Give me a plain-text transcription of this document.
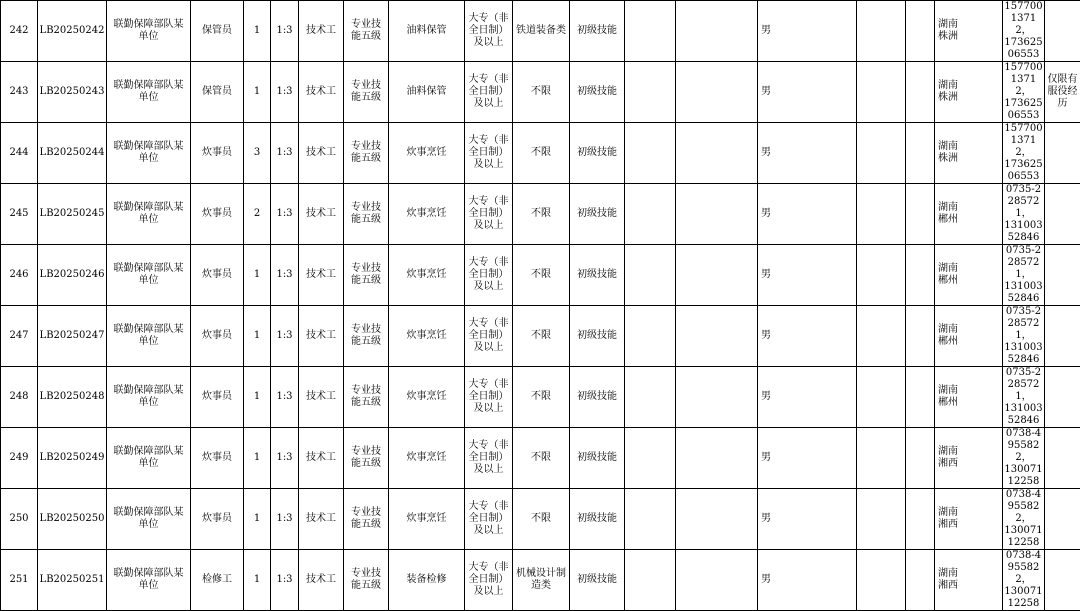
242	LB20250242	联勤保障部队某
单位	保管员	1	1:3	技术工	专业技
能五级	油料保管	大专（非
全日制）
及以上	铁道装备类	初级技能			男			湖南
株洲	15770013712，
17362506553	
243	LB20250243	联勤保障部队某
单位	保管员	1	1:3	技术工	专业技
能五级	油料保管	大专（非
全日制）
及以上	不限	初级技能			男			湖南
株洲	15770013712，
17362506553	仅限有服役经
历
244	LB20250244	联勤保障部队某
单位	炊事员	3	1:3	技术工	专业技
能五级	炊事烹饪	大专（非
全日制）
及以上	不限	初级技能			男			湖南
株洲	15770013712，
17362506553	
245	LB20250245	联勤保障部队某
单位	炊事员	2	1:3	技术工	专业技
能五级	炊事烹饪	大专（非
全日制）
及以上	不限	初级技能			男			湖南
郴州	0735-2285721，
13100352846	
246	LB20250246	联勤保障部队某
单位	炊事员	1	1:3	技术工	专业技
能五级	炊事烹饪	大专（非
全日制）
及以上	不限	初级技能			男			湖南
郴州	0735-2285721，
13100352846	
247	LB20250247	联勤保障部队某
单位	炊事员	1	1:3	技术工	专业技
能五级	炊事烹饪	大专（非
全日制）
及以上	不限	初级技能			男			湖南
郴州	0735-2285721，
13100352846	
248	LB20250248	联勤保障部队某
单位	炊事员	1	1:3	技术工	专业技
能五级	炊事烹饪	大专（非
全日制）
及以上	不限	初级技能			男			湖南
郴州	0735-2285721，
13100352846	
249	LB20250249	联勤保障部队某
单位	炊事员	1	1:3	技术工	专业技
能五级	炊事烹饪	大专（非
全日制）
及以上	不限	初级技能			男			湖南
湘西	0738-4955822，
13007112258	
250	LB20250250	联勤保障部队某
单位	炊事员	1	1:3	技术工	专业技
能五级	炊事烹饪	大专（非
全日制）
及以上	不限	初级技能			男			湖南
湘西	0738-4955822，
13007112258	
251	LB20250251	联勤保障部队某
单位	检修工	1	1:3	技术工	专业技
能五级	装备检修	大专（非
全日制）
及以上	机械设计制
造类	初级技能			男			湖南
湘西	0738-4955822，
13007112258	
